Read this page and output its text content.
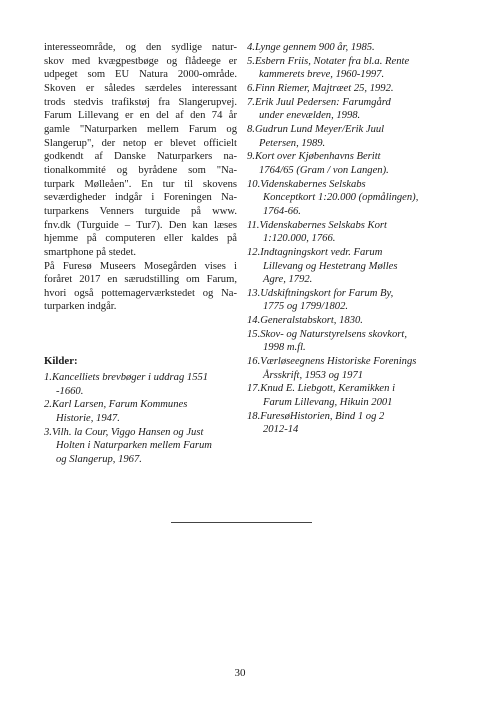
interesseområde, og den sydlige natur-
skov med kvægpestbøge og flådeege er
udpeget som EU Natura 2000-område.
Skoven er således særdeles interessant
trods stedvis trafikstøj fra Slangerupvej.
Farum Lillevang er en del af den 74 år
gamle "Naturparken mellem Farum og
Slangerup", der netop er blevet officielt
godkendt af Danske Naturparkers na-
tionalkommité og byrådene som "Na-
turpark Mølleåen". En tur til skovens
seværdigheder indgår i Foreningen Na-
turparkens Venners turguide på www.
fnv.dk (Turguide – Tur7). Den kan læses
hjemme på computeren eller kaldes på
smartphone på stedet.
På Furesø Museers Mosegården vises i
foråret 2017 en særudstilling om Farum,
hvori også pottemagerværkstedet og Na-
turparken indgår.
Kilder:
1.Kancelliets brevbøger i uddrag 1551
-1660.
2.Karl Larsen, Farum Kommunes
Historie, 1947.
3.Vilh. la Cour, Viggo Hansen og Just
Holten i Naturparken mellem Farum
og Slangerup, 1967.
4.Lynge gennem 900 år, 1985.
5.Esbern Friis, Notater fra bl.a. Rente
kammerets breve, 1960-1997.
6.Finn Riemer, Majtræet 25, 1992.
7.Erik Juul Pedersen: Farumgård
under enevælden, 1998.
8.Gudrun Lund Meyer/Erik Juul
Petersen, 1989.
9.Kort over Kjøbenhavns Beritt
1764/65 (Gram / von Langen).
10.Videnskabernes Selskabs
Konceptkort 1:20.000 (opmålingen),
1764-66.
11.Videnskabernes Selskabs Kort
1:120.000, 1766.
12.Indtagningskort vedr. Farum
Lillevang og Hestetrang Mølles
Agre, 1792.
13.Udskiftningskort for Farum By,
1775 og 1799/1802.
14.Generalstabskort, 1830.
15.Skov- og Naturstyrelsens skovkort,
1998 m.fl.
16.Værløseegnens Historiske Forenings
Årsskrift, 1953 og 1971
17.Knud E. Liebgott, Keramikken i
Farum Lillevang, Hikuin 2001
18.FuresøHistorien, Bind 1 og 2
2012-14
30
